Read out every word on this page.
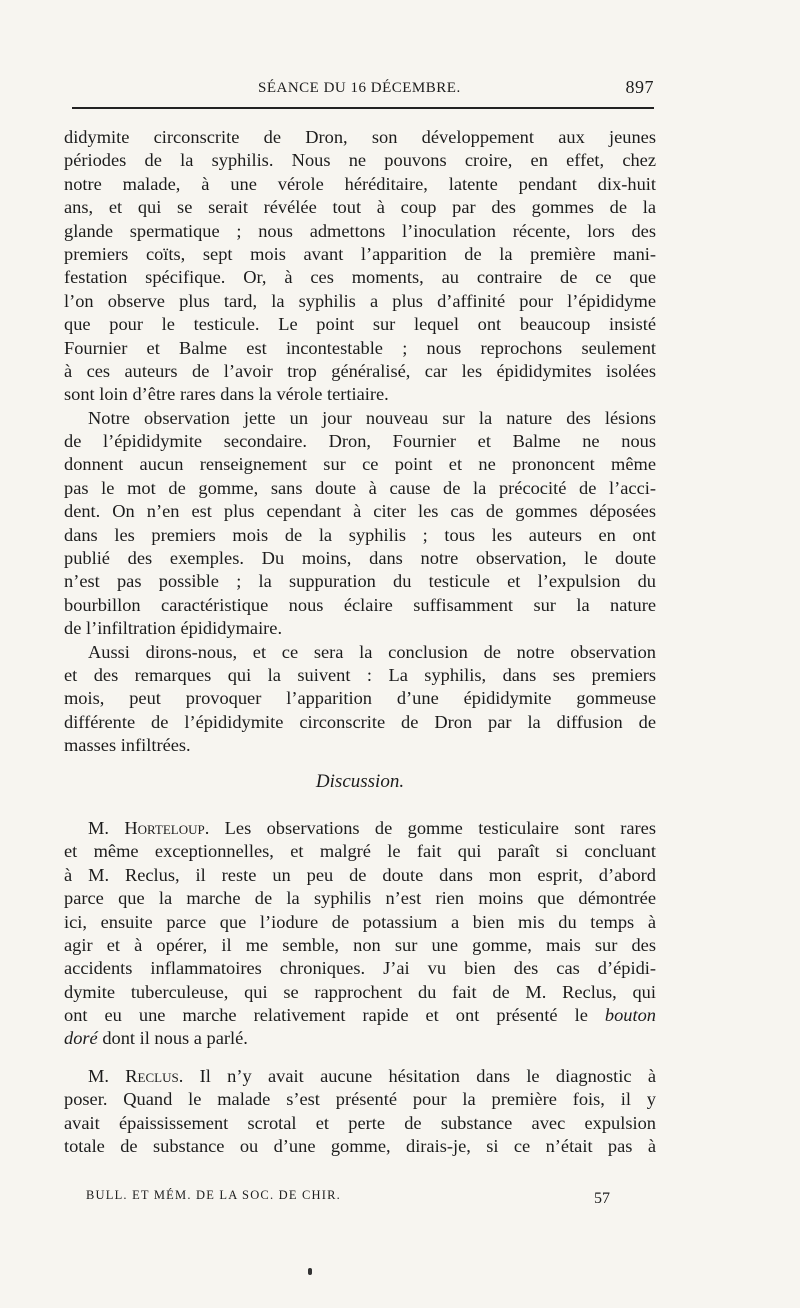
SÉANCE DU 16 DÉCEMBRE.	897
didymite circonscrite de Dron, son développement aux jeunes
périodes de la syphilis. Nous ne pouvons croire, en effet, chez
notre malade, à une vérole héréditaire, latente pendant dix-huit
ans, et qui se serait révélée tout à coup par des gommes de la
glande spermatique ; nous admettons l’inoculation récente, lors des
premiers coïts, sept mois avant l’apparition de la première mani-
festation spécifique. Or, à ces moments, au contraire de ce que
l’on observe plus tard, la syphilis a plus d’affinité pour l’épididyme
que pour le testicule. Le point sur lequel ont beaucoup insisté
Fournier et Balme est incontestable ; nous reprochons seulement
à ces auteurs de l’avoir trop généralisé, car les épididymites isolées
sont loin d’être rares dans la vérole tertiaire.
Notre observation jette un jour nouveau sur la nature des lésions
de l’épididymite secondaire. Dron, Fournier et Balme ne nous
donnent aucun renseignement sur ce point et ne prononcent même
pas le mot de gomme, sans doute à cause de la précocité de l’acci-
dent. On n’en est plus cependant à citer les cas de gommes déposées
dans les premiers mois de la syphilis ; tous les auteurs en ont
publié des exemples. Du moins, dans notre observation, le doute
n’est pas possible ; la suppuration du testicule et l’expulsion du
bourbillon caractéristique nous éclaire suffisamment sur la nature
de l’infiltration épididymaire.
Aussi dirons-nous, et ce sera la conclusion de notre observation
et des remarques qui la suivent : La syphilis, dans ses premiers
mois, peut provoquer l’apparition d’une épididymite gommeuse
différente de l’épididymite circonscrite de Dron par la diffusion de
masses infiltrées.
Discussion.
M. Horteloup. Les observations de gomme testiculaire sont rares
et même exceptionnelles, et malgré le fait qui paraît si concluant
à M. Reclus, il reste un peu de doute dans mon esprit, d’abord
parce que la marche de la syphilis n’est rien moins que démontrée
ici, ensuite parce que l’iodure de potassium a bien mis du temps à
agir et à opérer, il me semble, non sur une gomme, mais sur des
accidents inflammatoires chroniques. J’ai vu bien des cas d’épidi-
dymite tuberculeuse, qui se rapprochent du fait de M. Reclus, qui
ont eu une marche relativement rapide et ont présenté le bouton
doré dont il nous a parlé.
M. Reclus. Il n’y avait aucune hésitation dans le diagnostic à
poser. Quand le malade s’est présenté pour la première fois, il y
avait épaississement scrotal et perte de substance avec expulsion
totale de substance ou d’une gomme, dirais-je, si ce n’était pas à
BULL. ET MÉM. DE LA SOC. DE CHIR.	57
